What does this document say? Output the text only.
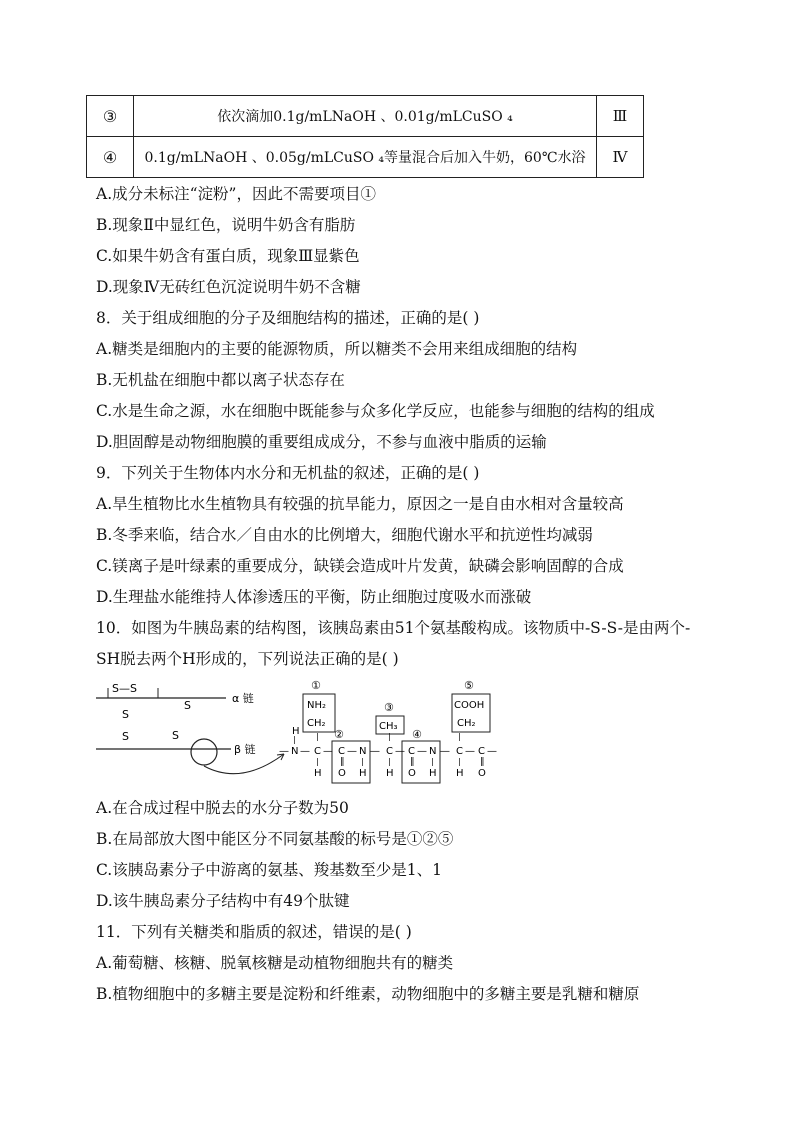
③	依次滴加0.1g/mLNaOH 、0.01g/mLCuSO ₄	Ⅲ
④	0.1g/mLNaOH 、0.05g/mLCuSO ₄等量混合后加入牛奶，60℃水浴	Ⅳ
A.成分未标注“淀粉”，因此不需要项目①
B.现象Ⅱ中显红色，说明牛奶含有脂肪
C.如果牛奶含有蛋白质，现象Ⅲ显紫色
D.现象Ⅳ无砖红色沉淀说明牛奶不含糖
8．关于组成细胞的分子及细胞结构的描述，正确的是( )
A.糖类是细胞内的主要的能源物质，所以糖类不会用来组成细胞的结构
B.无机盐在细胞中都以离子状态存在
C.水是生命之源，水在细胞中既能参与众多化学反应，也能参与细胞的结构的组成
D.胆固醇是动物细胞膜的重要组成成分，不参与血液中脂质的运输
9．下列关于生物体内水分和无机盐的叙述，正确的是( )
A.旱生植物比水生植物具有较强的抗旱能力，原因之一是自由水相对含量较高
B.冬季来临，结合水／自由水的比例增大，细胞代谢水平和抗逆性均减弱
C.镁离子是叶绿素的重要成分，缺镁会造成叶片发黄，缺磷会影响固醇的合成
D.生理盐水能维持人体渗透压的平衡，防止细胞过度吸水而涨破
10．如图为牛胰岛素的结构图，该胰岛素由51个氨基酸构成。该物质中-S-S-是由两个-
SH脱去两个H形成的，下列说法正确的是( )
S—S
S
S
S
S
α 链
β 链
①
NH₂
CH₂
②
③
CH₃
④
⑤
COOH
CH₂
H
|
— N — C — C — N — C — C — N — C — C —
|	|	|
|	|	|	|	|
‖	‖	‖
H O H H O H H O
A.在合成过程中脱去的水分子数为50
B.在局部放大图中能区分不同氨基酸的标号是①②⑤
C.该胰岛素分子中游离的氨基、羧基数至少是1、1
D.该牛胰岛素分子结构中有49个肽键
11．下列有关糖类和脂质的叙述，错误的是( )
A.葡萄糖、核糖、脱氧核糖是动植物细胞共有的糖类
B.植物细胞中的多糖主要是淀粉和纤维素，动物细胞中的多糖主要是乳糖和糖原
